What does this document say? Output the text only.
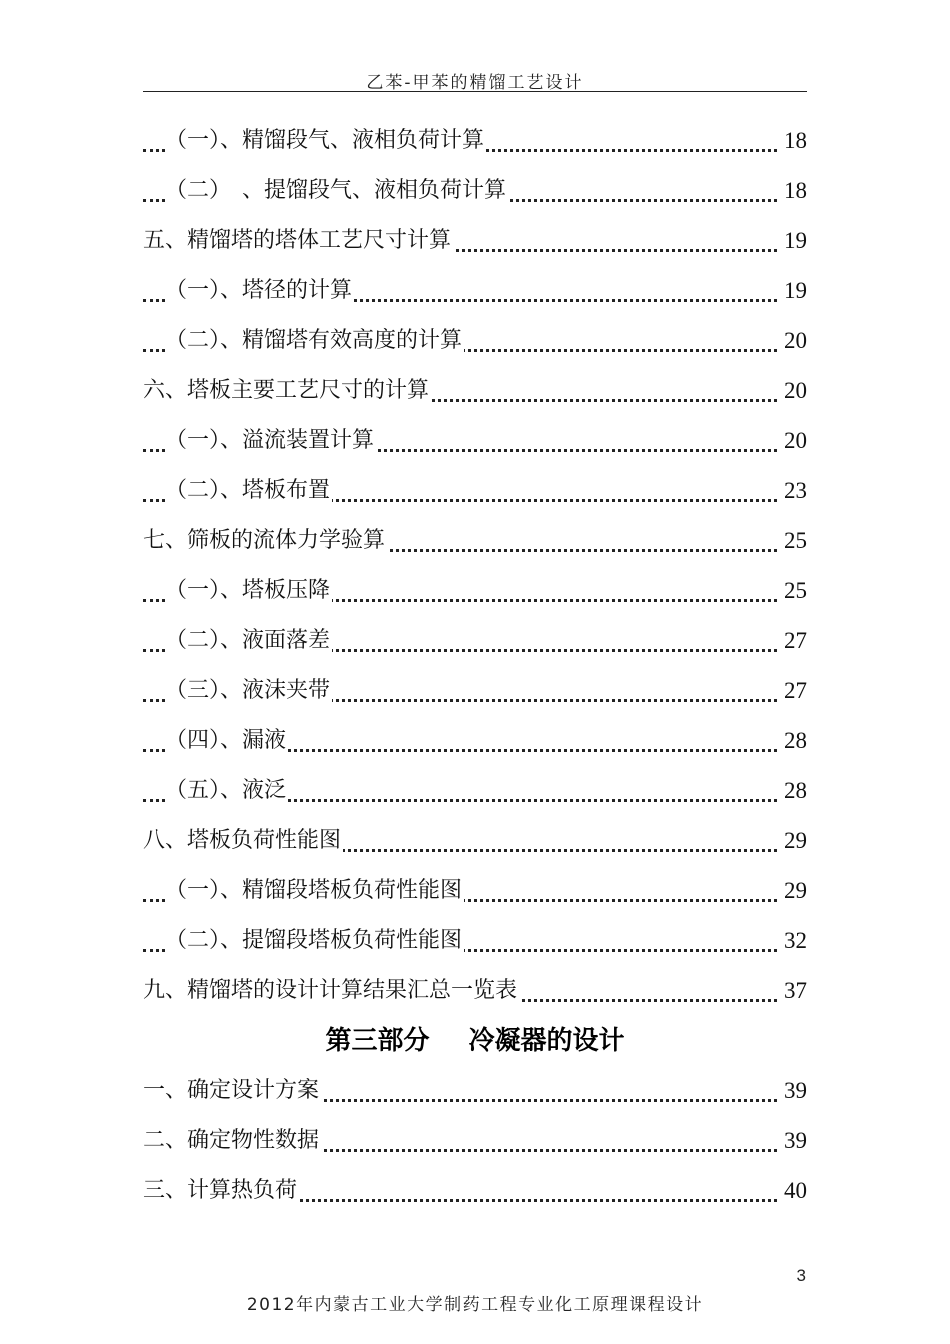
乙苯-甲苯的精馏工艺设计
（一）、精馏段气、液相负荷计算	18
（二）　、提馏段气、液相负荷计算	18
五、精馏塔的塔体工艺尺寸计算	19
（一）、塔径的计算	19
（二）、精馏塔有效高度的计算	20
六、塔板主要工艺尺寸的计算	20
（一）、溢流装置计算	20
（二）、塔板布置	23
七、筛板的流体力学验算	25
（一）、塔板压降	25
（二）、液面落差	27
（三）、液沫夹带	27
（四）、漏液	28
（五）、液泛	28
八、塔板负荷性能图	29
（一）、精馏段塔板负荷性能图	29
（二）、提馏段塔板负荷性能图	32
九、精馏塔的设计计算结果汇总一览表	37
第三部分 冷凝器的设计
一、确定设计方案	39
二、确定物性数据	39
三、计算热负荷	40
3
2012年内蒙古工业大学制药工程专业化工原理课程设计
